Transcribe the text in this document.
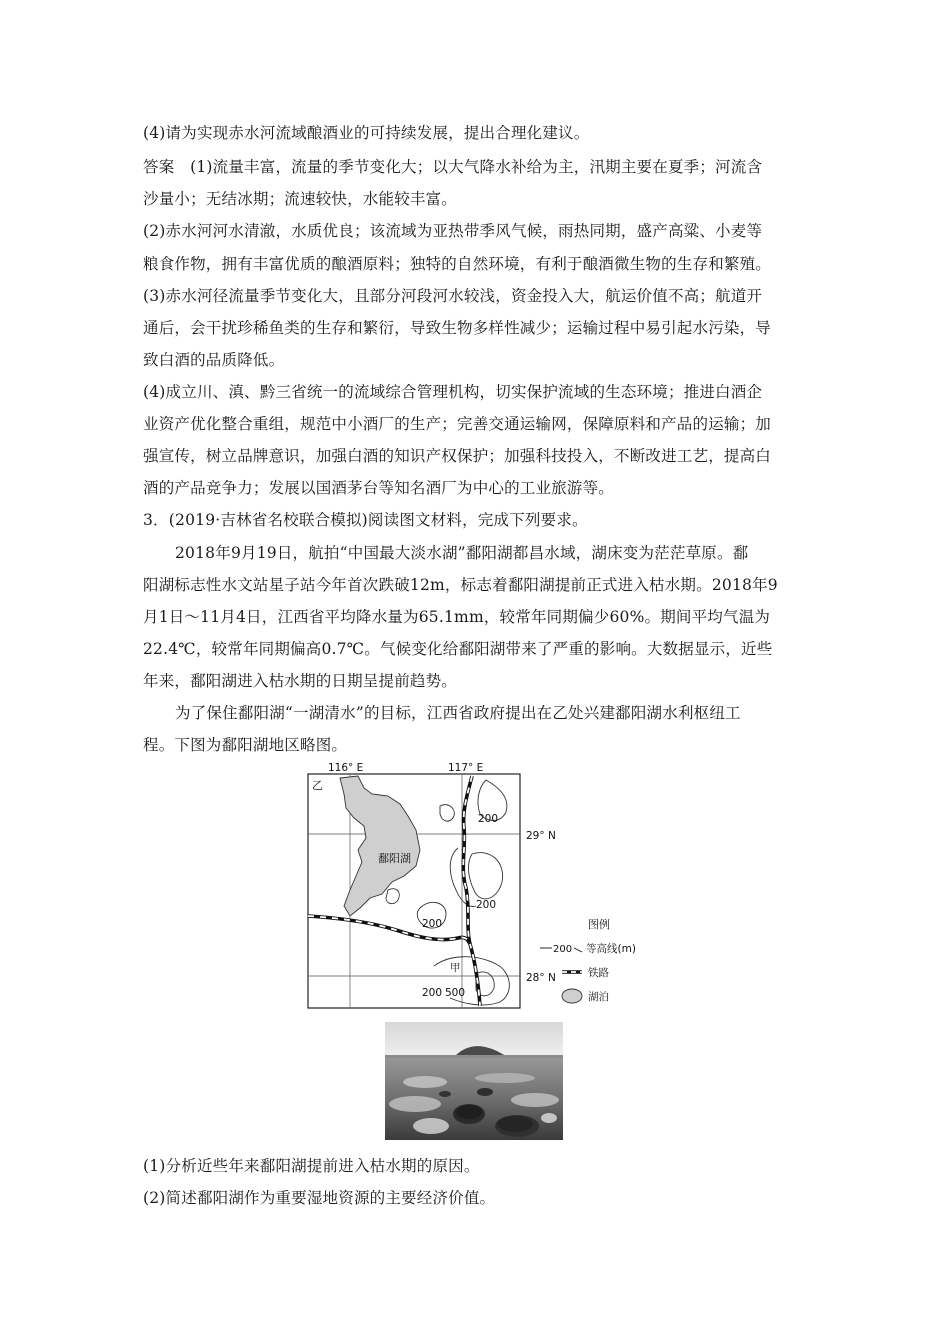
(4)请为实现赤水河流域酿酒业的可持续发展，提出合理化建议。
答案　(1)流量丰富，流量的季节变化大；以大气降水补给为主，汛期主要在夏季；河流含
沙量小；无结冰期；流速较快，水能较丰富。
(2)赤水河河水清澈，水质优良；该流域为亚热带季风气候，雨热同期，盛产高粱、小麦等
粮食作物，拥有丰富优质的酿酒原料；独特的自然环境，有利于酿酒微生物的生存和繁殖。
(3)赤水河径流量季节变化大，且部分河段河水较浅，资金投入大，航运价值不高；航道开
通后，会干扰珍稀鱼类的生存和繁衍，导致生物多样性减少；运输过程中易引起水污染，导
致白酒的品质降低。
(4)成立川、滇、黔三省统一的流域综合管理机构，切实保护流域的生态环境；推进白酒企
业资产优化整合重组，规范中小酒厂的生产；完善交通运输网，保障原料和产品的运输；加
强宣传，树立品牌意识，加强白酒的知识产权保护；加强科技投入，不断改进工艺，提高白
酒的产品竞争力；发展以国酒茅台等知名酒厂为中心的工业旅游等。
3．(2019·吉林省名校联合模拟)阅读图文材料，完成下列要求。
2018年9月19日，航拍“中国最大淡水湖”鄱阳湖都昌水域，湖床变为茫茫草原。鄱
阳湖标志性水文站星子站今年首次跌破12m，标志着鄱阳湖提前正式进入枯水期。2018年9
月1日～11月4日，江西省平均降水量为65.1mm，较常年同期偏少60%。期间平均气温为
22.4℃，较常年同期偏高0.7℃。气候变化给鄱阳湖带来了严重的影响。大数据显示，近些
年来，鄱阳湖进入枯水期的日期呈提前趋势。
为了保住鄱阳湖“一湖清水”的目标，江西省政府提出在乙处兴建鄱阳湖水利枢纽工
程。下图为鄱阳湖地区略图。
鄱阳湖
116° E	117° E
29° N
28° N
乙
甲
200
200
200
200 500
图例
200 等高线(m)
铁路
湖泊
(1)分析近些年来鄱阳湖提前进入枯水期的原因。
(2)简述鄱阳湖作为重要湿地资源的主要经济价值。
